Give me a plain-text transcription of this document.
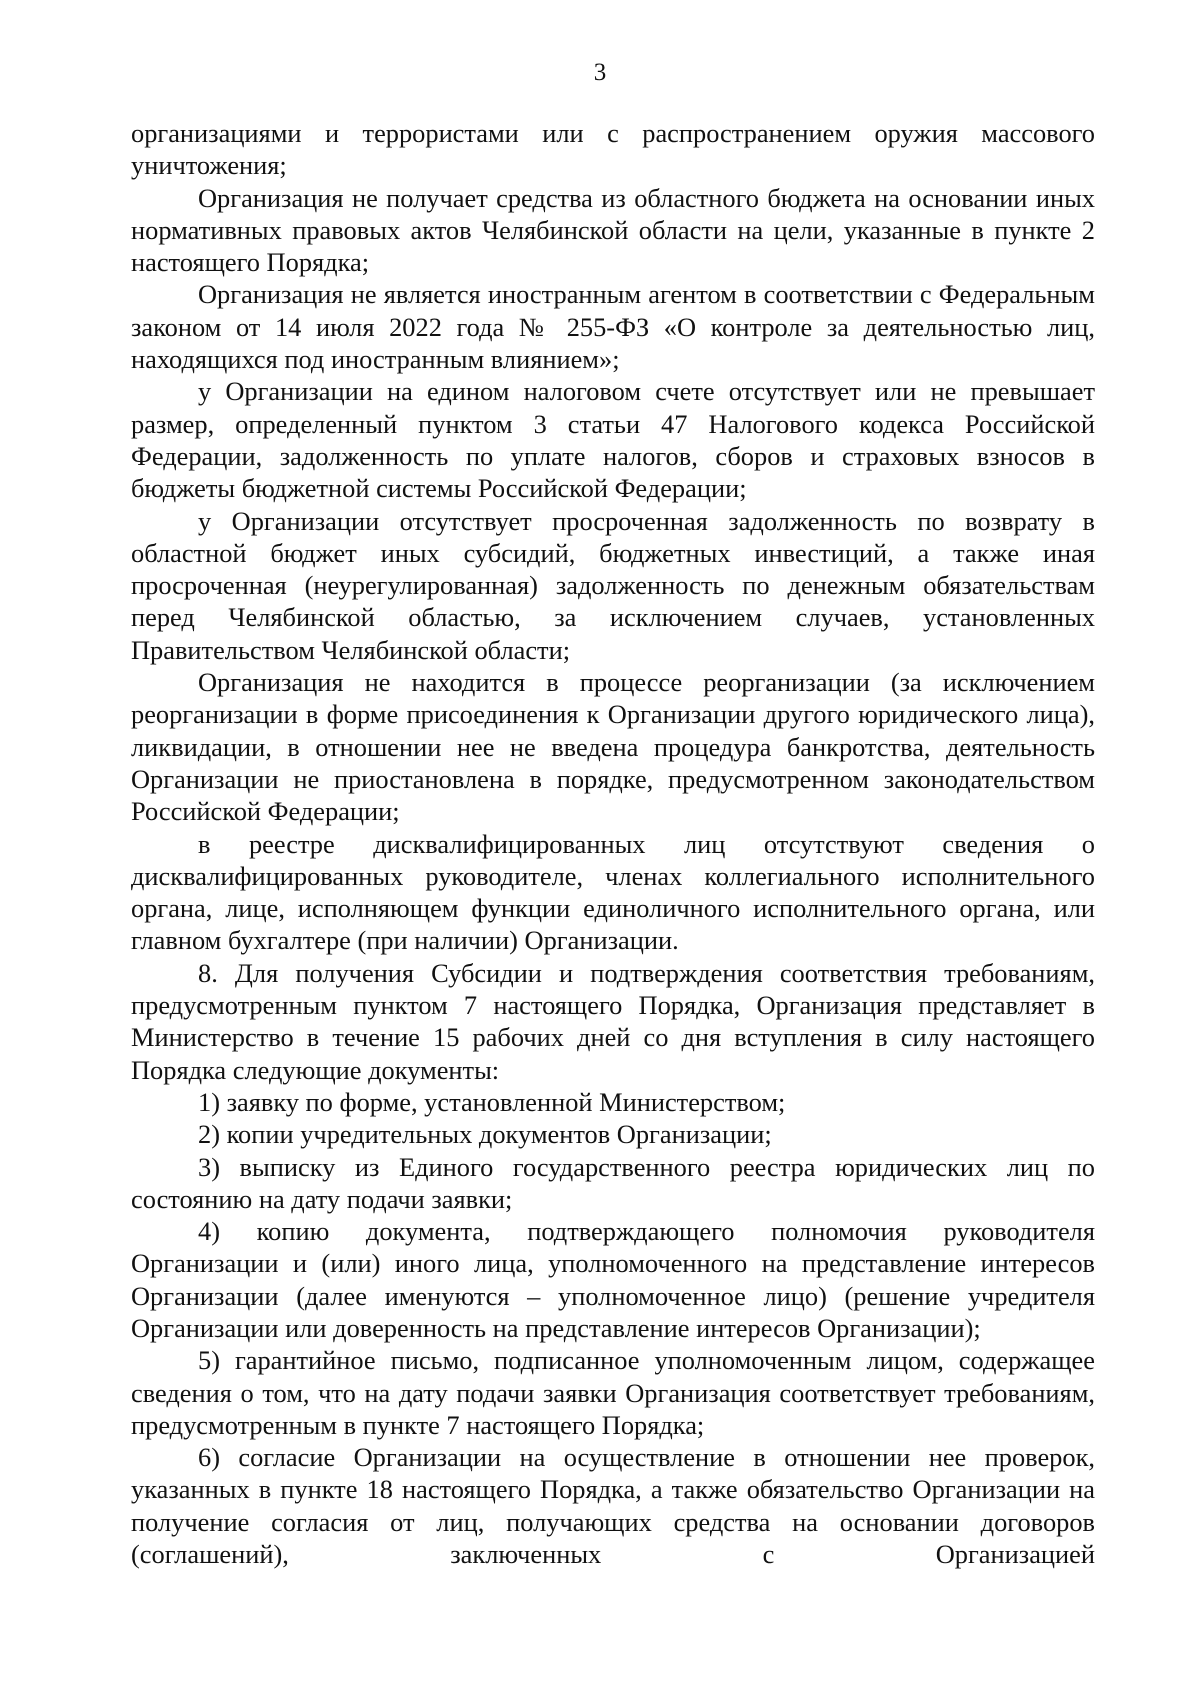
3

организациями и террористами или с распространением оружия массового уничтожения;

Организация не получает средства из областного бюджета на основании иных нормативных правовых актов Челябинской области на цели, указанные в пункте 2 настоящего Порядка;

Организация не является иностранным агентом в соответствии с Федеральным законом от 14 июля 2022 года № 255-ФЗ «О контроле за деятельностью лиц, находящихся под иностранным влиянием»;

у Организации на едином налоговом счете отсутствует или не превышает размер, определенный пунктом 3 статьи 47 Налогового кодекса Российской Федерации, задолженность по уплате налогов, сборов и страховых взносов в бюджеты бюджетной системы Российской Федерации;

у Организации отсутствует просроченная задолженность по возврату в областной бюджет иных субсидий, бюджетных инвестиций, а также иная просроченная (неурегулированная) задолженность по денежным обязательствам перед Челябинской областью, за исключением случаев, установленных Правительством Челябинской области;

Организация не находится в процессе реорганизации (за исключением реорганизации в форме присоединения к Организации другого юридического лица), ликвидации, в отношении нее не введена процедура банкротства, деятельность Организации не приостановлена в порядке, предусмотренном законодательством Российской Федерации;

в реестре дисквалифицированных лиц отсутствуют сведения о дисквалифицированных руководителе, членах коллегиального исполнительного органа, лице, исполняющем функции единоличного исполнительного органа, или главном бухгалтере (при наличии) Организации.

8. Для получения Субсидии и подтверждения соответствия требованиям, предусмотренным пунктом 7 настоящего Порядка, Организация представляет в Министерство в течение 15 рабочих дней со дня вступления в силу настоящего Порядка следующие документы:

1) заявку по форме, установленной Министерством;

2) копии учредительных документов Организации;

3) выписку из Единого государственного реестра юридических лиц по состоянию на дату подачи заявки;

4) копию документа, подтверждающего полномочия руководителя Организации и (или) иного лица, уполномоченного на представление интересов Организации (далее именуются – уполномоченное лицо) (решение учредителя Организации или доверенность на представление интересов Организации);

5) гарантийное письмо, подписанное уполномоченным лицом, содержащее сведения о том, что на дату подачи заявки Организация соответствует требованиям, предусмотренным в пункте 7 настоящего Порядка;

6) согласие Организации на осуществление в отношении нее проверок, указанных в пункте 18 настоящего Порядка, а также обязательство Организации на получение согласия от лиц, получающих средства на основании договоров (соглашений), заключенных с Организацией
